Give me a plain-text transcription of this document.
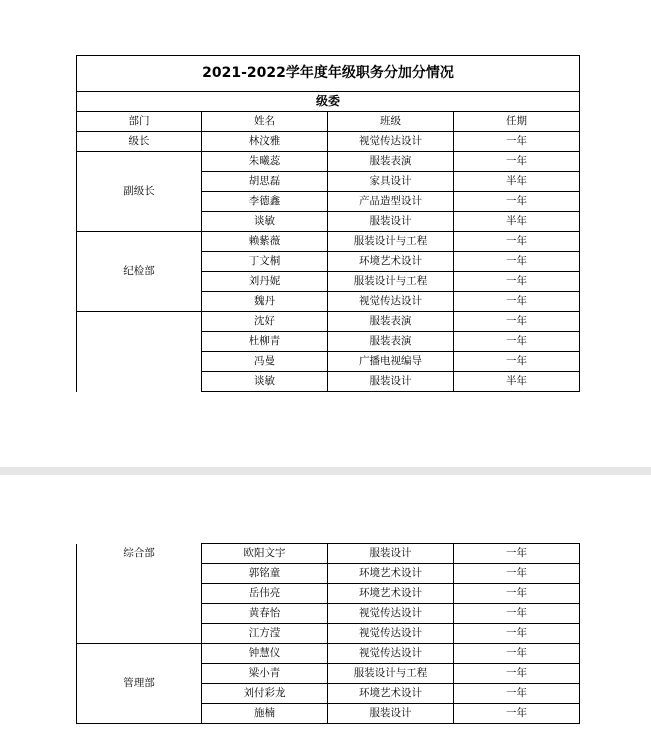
2021-2022学年度年级职务分加分情况			
级委			
部门	姓名	班级	任期
级长	林汶雅	视觉传达设计	一年
副级长	朱曦蕊	服装表演	一年
	胡思磊	家具设计	半年
	李德鑫	产品造型设计	一年
	谈敏	服装设计	半年
纪检部	赖紫薇	服装设计与工程	一年
	丁文桐	环境艺术设计	一年
	刘丹妮	服装设计与工程	一年
	魏丹	视觉传达设计	一年
	沈好	服装表演	一年
	杜柳青	服装表演	一年
	冯曼	广播电视编导	一年
	谈敏	服装设计	半年
综合部	欧阳文宇	服装设计	一年
	郭铭童	环境艺术设计	一年
	岳伟亮	环境艺术设计	一年
	黄春怡	视觉传达设计	一年
	江方滢	视觉传达设计	一年
管理部	钟慧仪	视觉传达设计	一年
	梁小青	服装设计与工程	一年
	刘付彩龙	环境艺术设计	一年
	施楠	服装设计	一年
